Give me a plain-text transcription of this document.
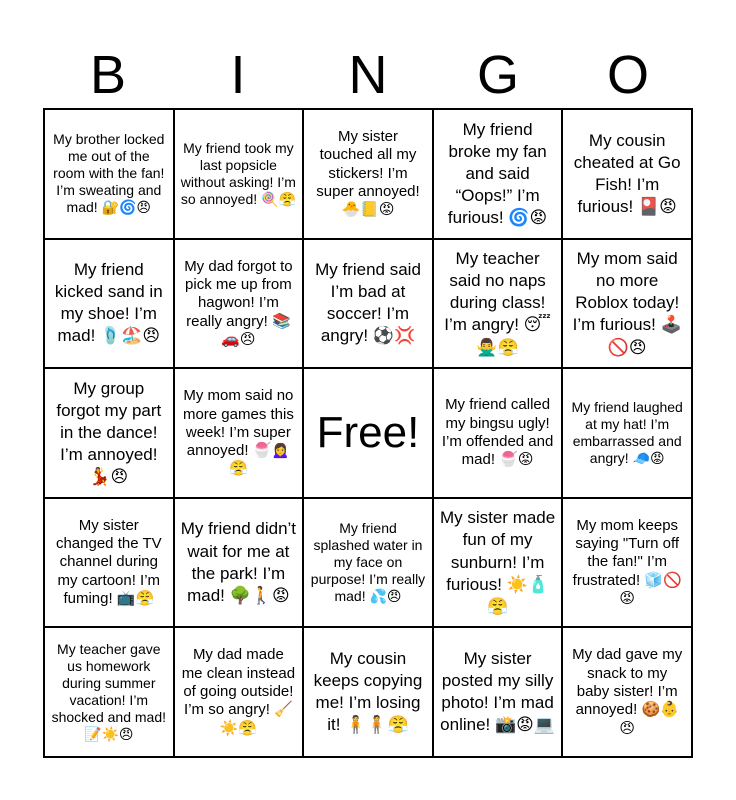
B	I	N	G	O
My brother locked me out of the room with the fan! I’m sweating and mad! 🔐🌀😠
My friend took my last popsicle without asking! I’m so annoyed! 🍭😤
My sister touched all my stickers! I’m super annoyed! 🐣📒😡
My friend broke my fan and said “Oops!” I’m furious! 🌀😡
My cousin cheated at Go Fish! I’m furious! 🎴😡
My friend kicked sand in my shoe! I’m mad! 🩴🏖️😠
My dad forgot to pick me up from hagwon! I’m really angry! 📚🚗😠
My friend said I’m bad at soccer! I’m angry! ⚽💢
My teacher said no naps during class! I’m angry! 😴🙅‍♂️😤
My mom said no more Roblox today! I’m furious! 🕹️🚫😠
My group forgot my part in the dance! I’m annoyed! 💃😠
My mom said no more games this week! I’m super annoyed! 🍧🙍‍♀️😤
Free!
My friend called my bingsu ugly! I’m offended and mad! 🍧😡
My friend laughed at my hat! I’m embarrassed and angry! 🧢😡
My sister changed the TV channel during my cartoon! I’m fuming! 📺😤
My friend didn’t wait for me at the park! I’m mad! 🌳🚶😡
My friend splashed water in my face on purpose! I’m really mad! 💦😠
My sister made fun of my sunburn! I’m furious! ☀️🧴😤
My mom keeps saying "Turn off the fan!" I’m frustrated! 🧊🚫😡
My teacher gave us homework during summer vacation! I’m shocked and mad! 📝☀️😠
My dad made me clean instead of going outside! I’m so angry! 🧹☀️😤
My cousin keeps copying me! I’m losing it! 🧍🧍😤
My sister posted my silly photo! I’m mad online! 📸😡💻
My dad gave my snack to my baby sister! I’m annoyed! 🍪👶😠
